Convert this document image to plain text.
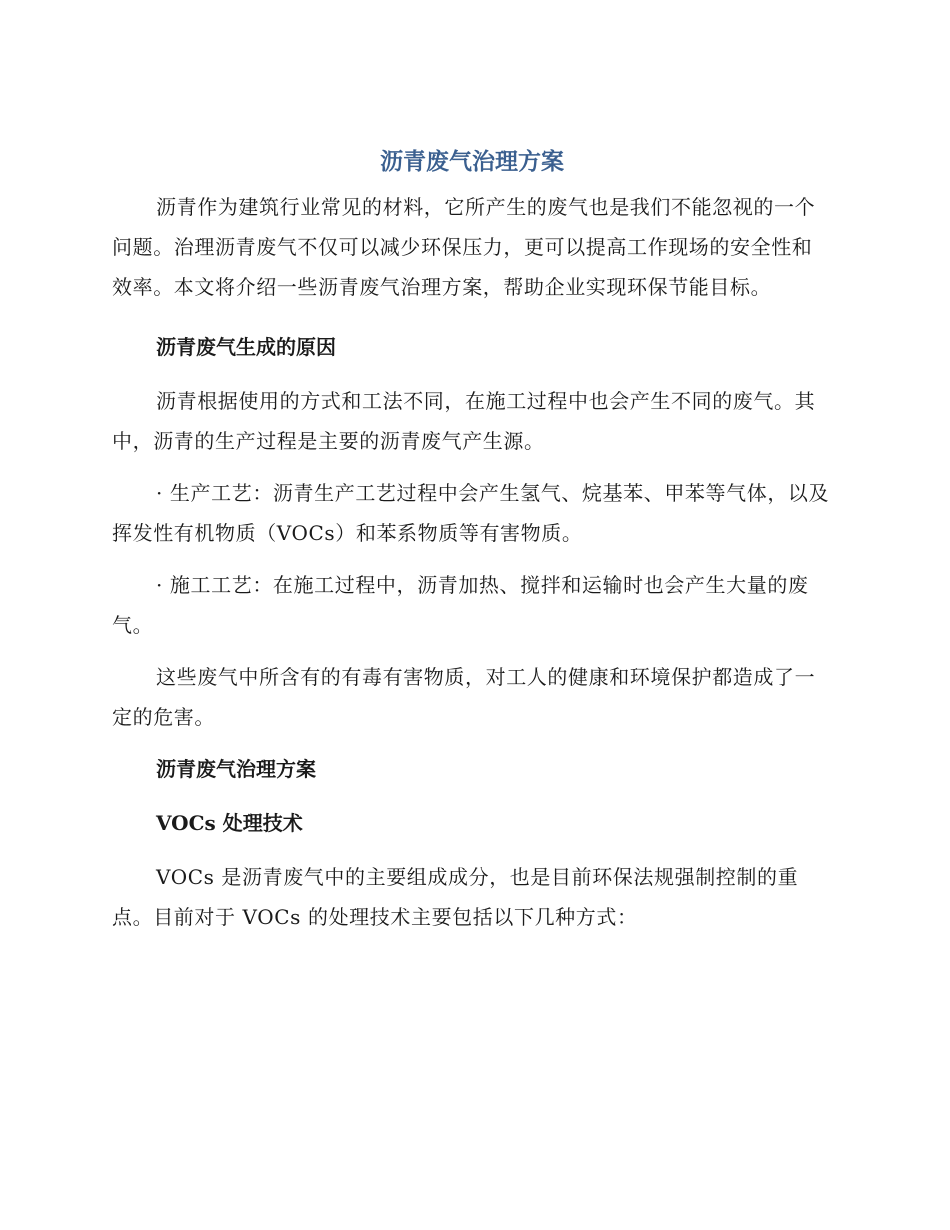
沥青废气治理方案

沥青作为建筑行业常见的材料，它所产生的废气也是我们不能忽视的一个问题。治理沥青废气不仅可以减少环保压力，更可以提高工作现场的安全性和效率。本文将介绍一些沥青废气治理方案，帮助企业实现环保节能目标。

沥青废气生成的原因

沥青根据使用的方式和工法不同，在施工过程中也会产生不同的废气。其中，沥青的生产过程是主要的沥青废气产生源。

· 生产工艺：沥青生产工艺过程中会产生氢气、烷基苯、甲苯等气体，以及挥发性有机物质（VOCs）和苯系物质等有害物质。

· 施工工艺：在施工过程中，沥青加热、搅拌和运输时也会产生大量的废气。

这些废气中所含有的有毒有害物质，对工人的健康和环境保护都造成了一定的危害。

沥青废气治理方案
VOCs 处理技术

VOCs 是沥青废气中的主要组成成分，也是目前环保法规强制控制的重点。目前对于 VOCs 的处理技术主要包括以下几种方式：
